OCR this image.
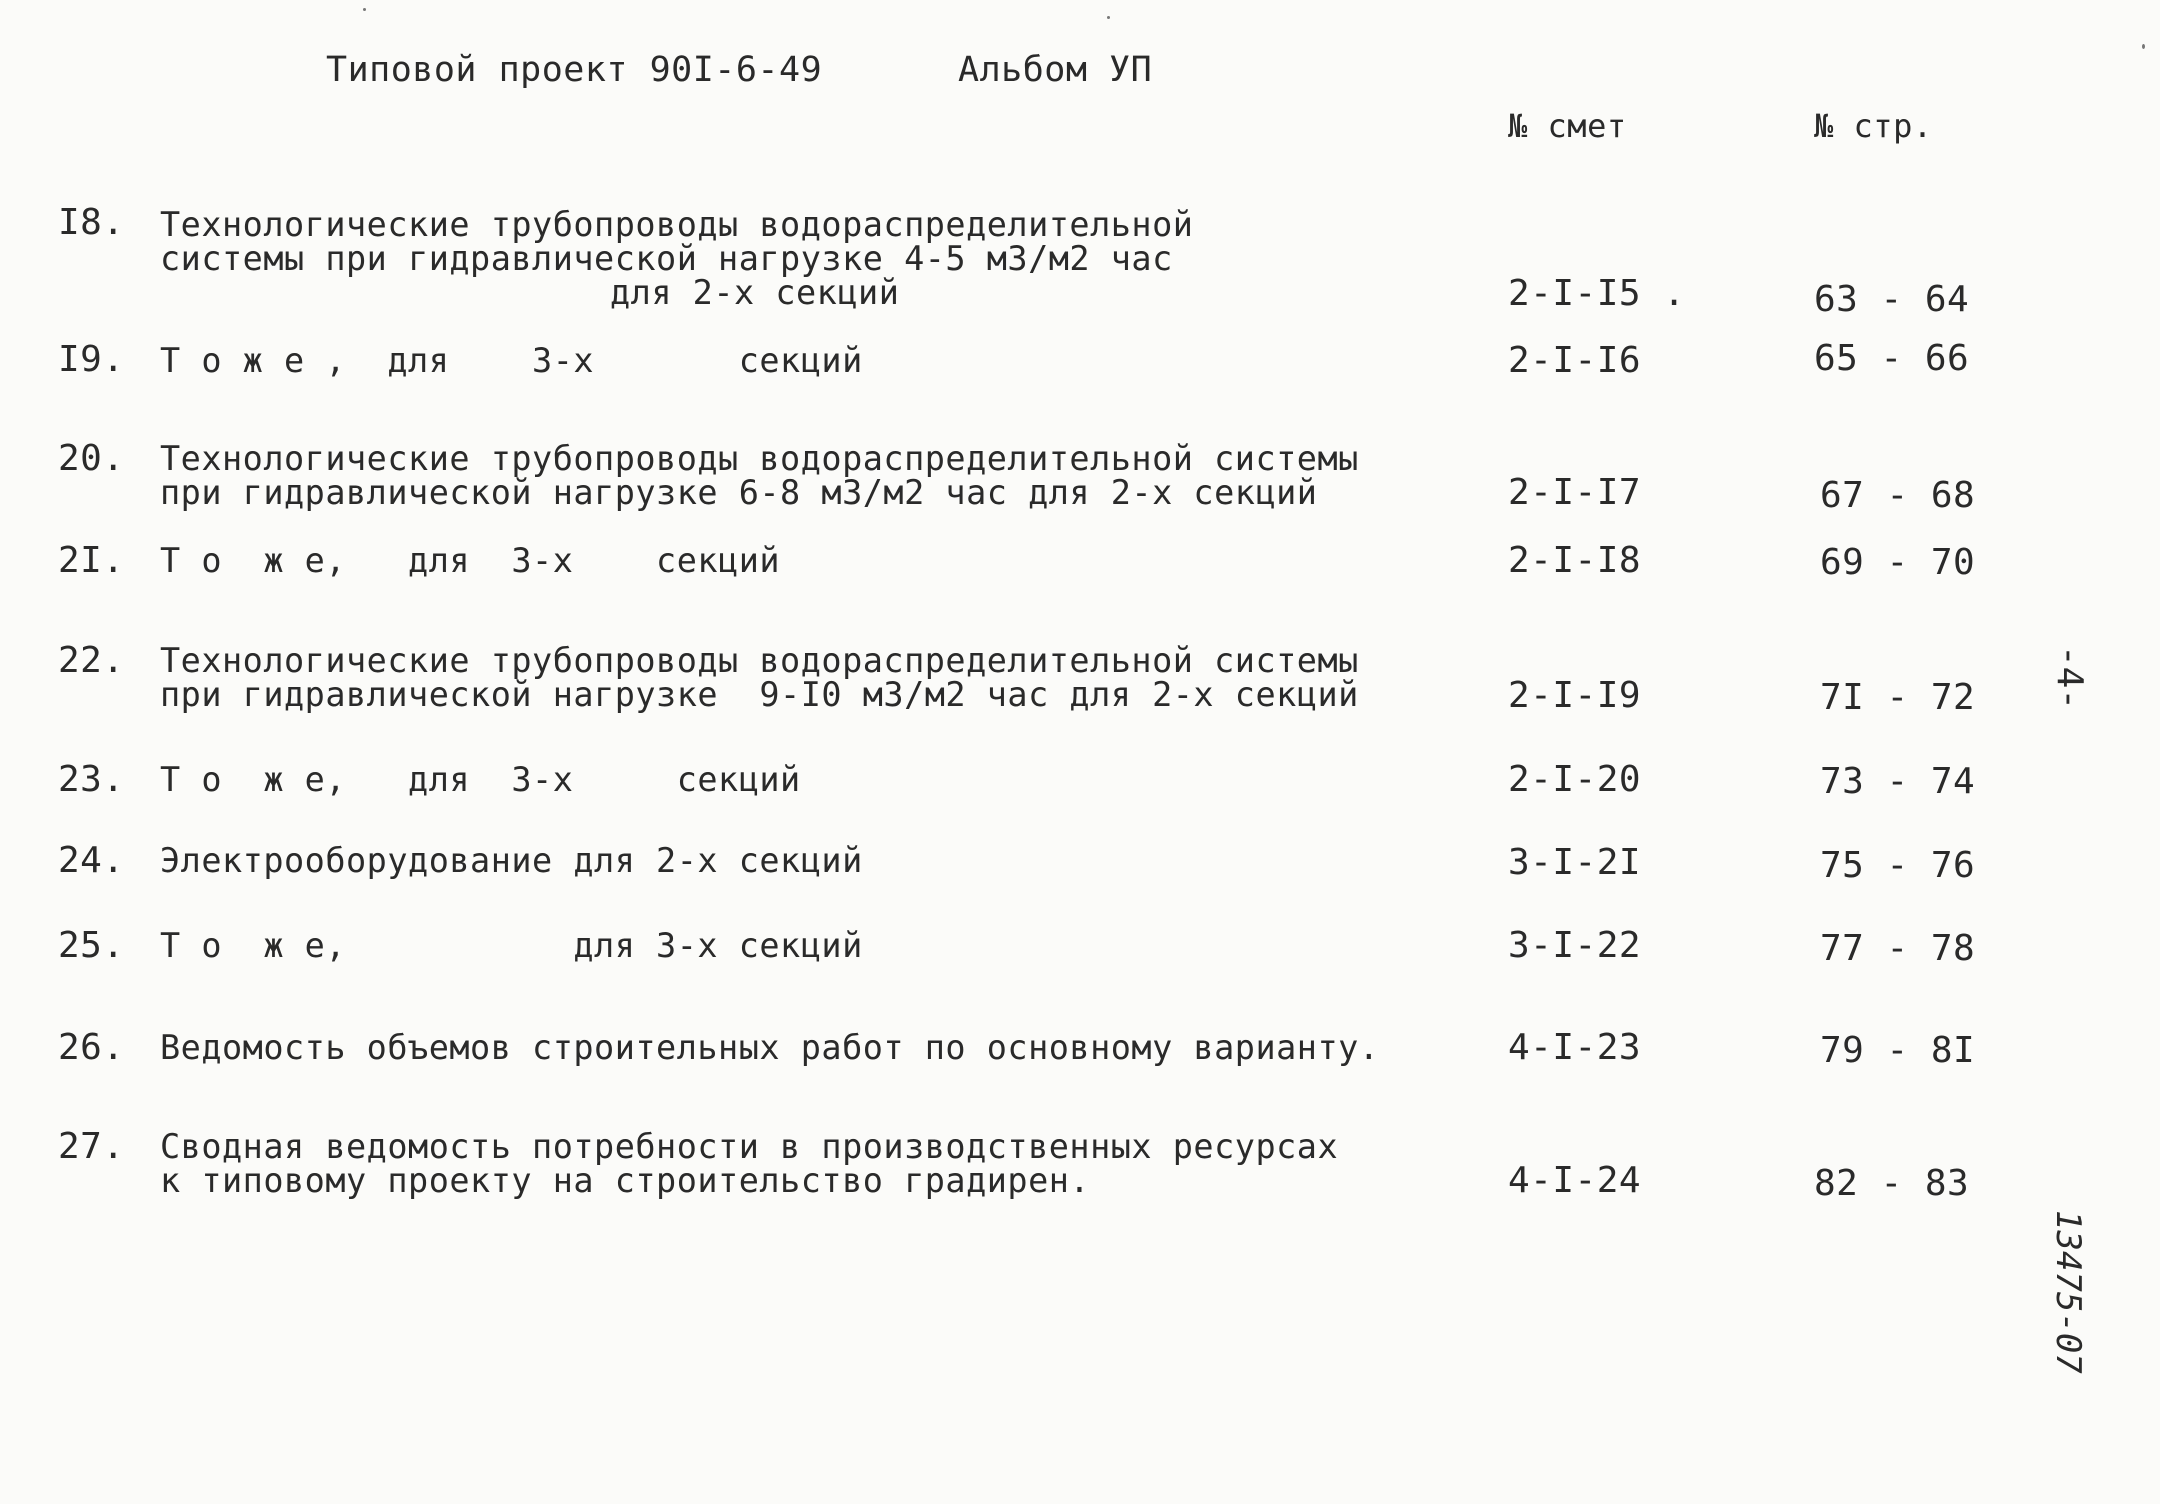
Типовой проект 90I-6-49	Альбом УП
№ смет	№ стр.
I8. Технологические трубопроводы водораспределительной
системы при гидравлической нагрузке 4-5 м3/м2 час
для 2-х секций	2-I-I5 .	63 - 64
I9. Т о ж е ,  для    3-х       секций	2-I-I6	65 - 66
20. Технологические трубопроводы водораспределительной системы
при гидравлической нагрузке 6-8 м3/м2 час для 2-х секций	2-I-I7	67 - 68
2I. Т о  ж е,   для  3-х    секций	2-I-I8	69 - 70
22. Технологические трубопроводы водораспределительной системы
при гидравлической нагрузке  9-I0 м3/м2 час для 2-х секций	2-I-I9	7I - 72
23. Т о  ж е,   для  3-х     секций	2-I-20	73 - 74
24. Электрооборудование для 2-х секций	3-I-2I	75 - 76
25. Т о  ж е,           для 3-х секций	3-I-22	77 - 78
26. Ведомость объемов строительных работ по основному варианту.	4-I-23	79 - 8I
27. Сводная ведомость потребности в производственных ресурсах
к типовому проекту на строительство градирен.	4-I-24	82 - 83
-4-
13475-07
